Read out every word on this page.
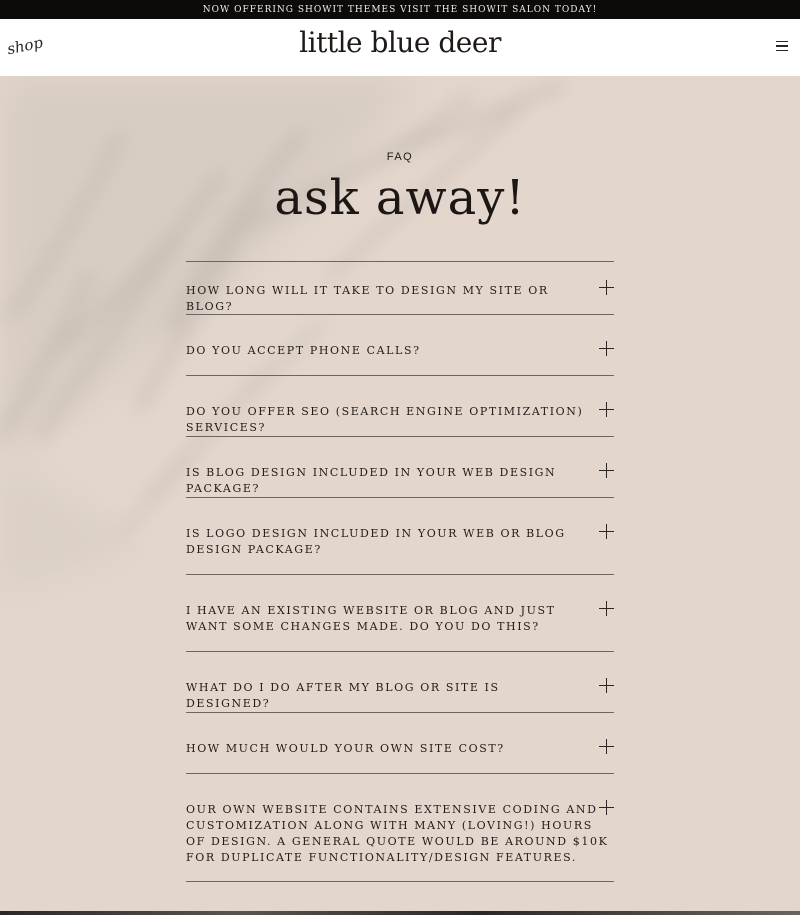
NOW OFFERING SHOWIT THEMES VISIT THE SHOWIT SALON TODAY!
shop	little blue deer
FAQ
ask away!
HOW LONG WILL IT TAKE TO DESIGN MY SITE OR BLOG?
DO YOU ACCEPT PHONE CALLS?
DO YOU OFFER SEO (SEARCH ENGINE OPTIMIZATION) SERVICES?
IS BLOG DESIGN INCLUDED IN YOUR WEB DESIGN PACKAGE?
IS LOGO DESIGN INCLUDED IN YOUR WEB OR BLOG DESIGN PACKAGE?
I HAVE AN EXISTING WEBSITE OR BLOG AND JUST WANT SOME CHANGES MADE. DO YOU DO THIS?
WHAT DO I DO AFTER MY BLOG OR SITE IS DESIGNED?
HOW MUCH WOULD YOUR OWN SITE COST?
OUR OWN WEBSITE CONTAINS EXTENSIVE CODING AND CUSTOMIZATION ALONG WITH MANY (LOVING!) HOURS OF DESIGN. A GENERAL QUOTE WOULD BE AROUND $10K FOR DUPLICATE FUNCTIONALITY/DESIGN FEATURES.
